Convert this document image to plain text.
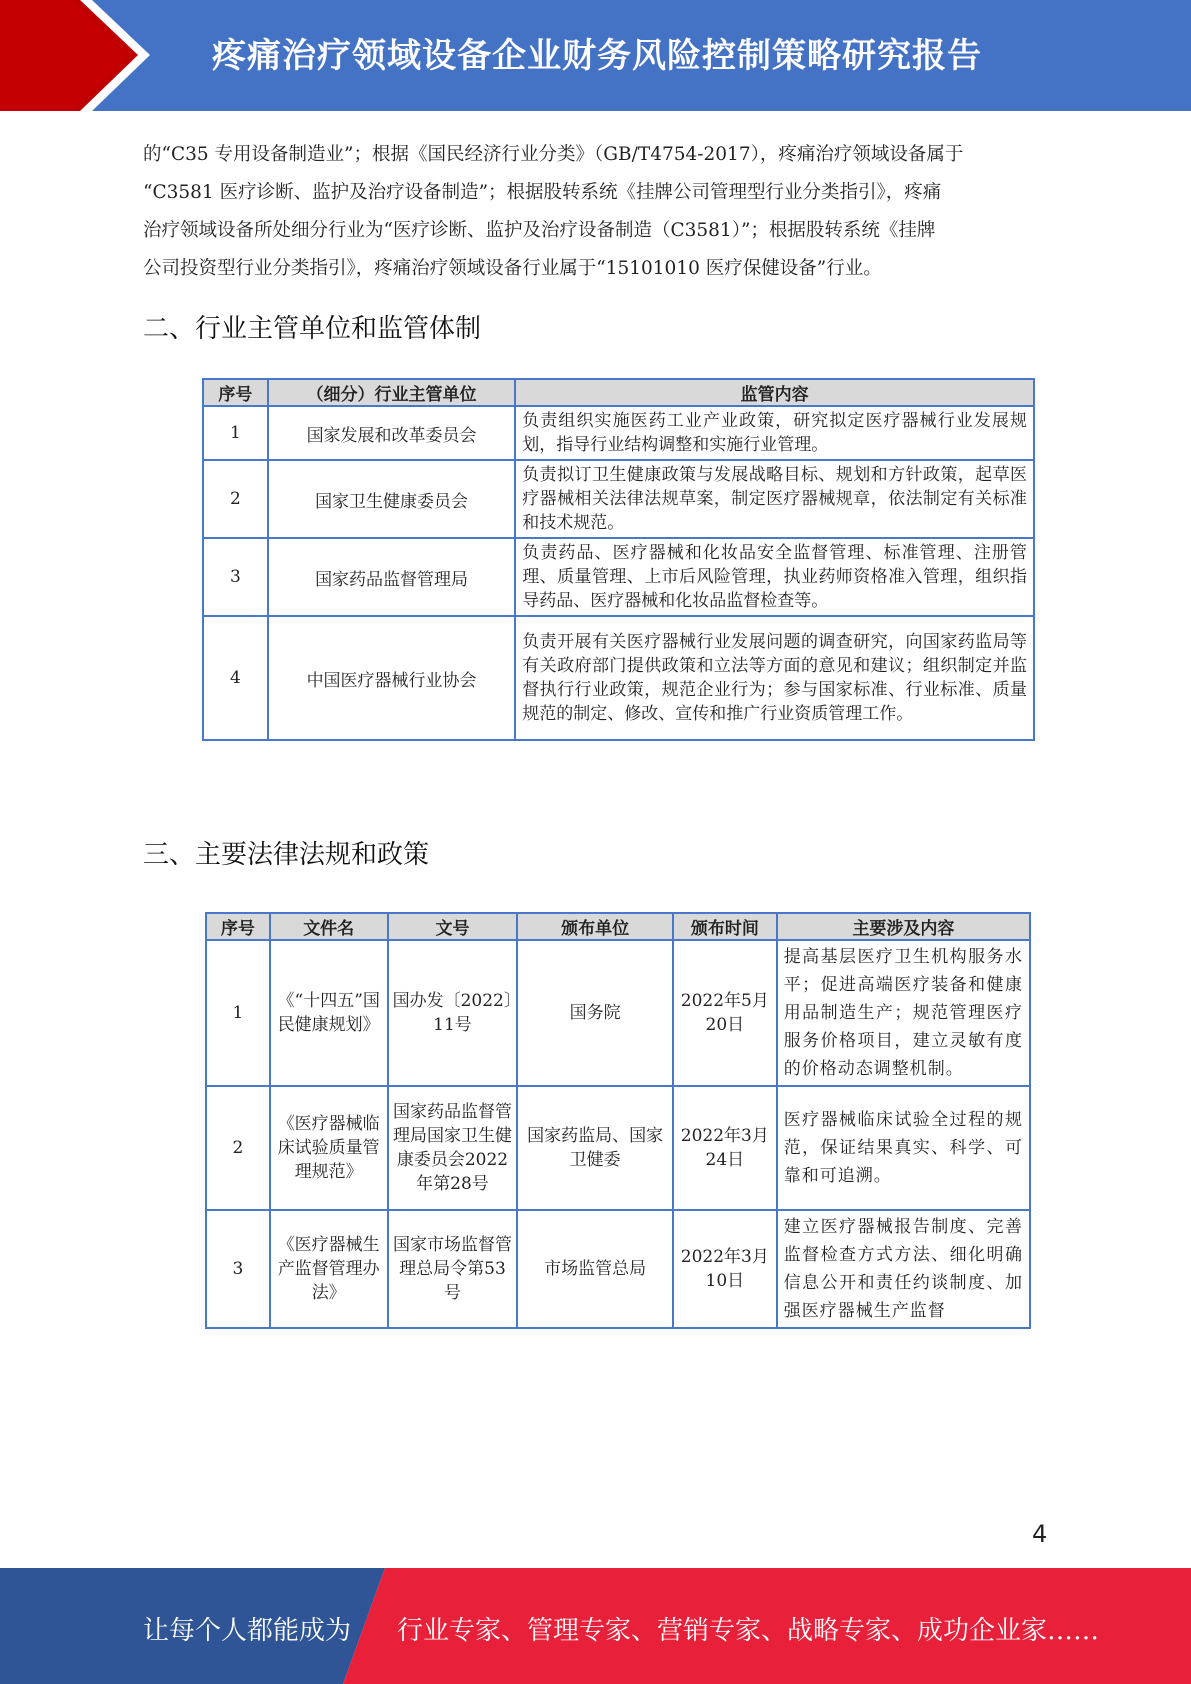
疼痛治疗领域设备企业财务风险控制策略研究报告

的“C35 专用设备制造业”；根据《国民经济行业分类》（GB/T4754-2017），疼痛治疗领域设备属于

“C3581 医疗诊断、监护及治疗设备制造”；根据股转系统《挂牌公司管理型行业分类指引》，疼痛

治疗领域设备所处细分行业为“医疗诊断、监护及治疗设备制造（C3581）”；根据股转系统《挂牌

公司投资型行业分类指引》，疼痛治疗领域设备行业属于“15101010 医疗保健设备”行业。

二、行业主管单位和监管体制
序号	（细分）行业主管单位	监管内容
1	国家发展和改革委员会	负责组织实施医药工业产业政策，研究拟定医疗器械行业发展规划，指导行业结构调整和实施行业管理。
2	国家卫生健康委员会	负责拟订卫生健康政策与发展战略目标、规划和方针政策，起草医疗器械相关法律法规草案，制定医疗器械规章，依法制定有关标准和技术规范。
3	国家药品监督管理局	负责药品、医疗器械和化妆品安全监督管理、标准管理、注册管理、质量管理、上市后风险管理，执业药师资格准入管理，组织指导药品、医疗器械和化妆品监督检查等。
4	中国医疗器械行业协会	负责开展有关医疗器械行业发展问题的调查研究，向国家药监局等有关政府部门提供政策和立法等方面的意见和建议；组织制定并监督执行行业政策，规范企业行为；参与国家标准、行业标准、质量规范的制定、修改、宣传和推广行业资质管理工作。
三、主要法律法规和政策
序号	文件名	文号	颁布单位	颁布时间	主要涉及内容
1	《“十四五”国民健康规划》	国办发〔2022〕11号	国务院	2022年5月20日	提高基层医疗卫生机构服务水平；促进高端医疗装备和健康用品制造生产；规范管理医疗服务价格项目，建立灵敏有度的价格动态调整机制。
2	《医疗器械临床试验质量管理规范》	国家药品监督管理局国家卫生健康委员会2022年第28号	国家药监局、国家卫健委	2022年3月24日	医疗器械临床试验全过程的规范，保证结果真实、科学、可靠和可追溯。
3	《医疗器械生产监督管理办法》	国家市场监督管理总局令第53号	市场监管总局	2022年3月10日	建立医疗器械报告制度、完善监督检查方式方法、细化明确信息公开和责任约谈制度、加强医疗器械生产监督
4
让每个人都能成为 行业专家、管理专家、营销专家、战略专家、成功企业家……
